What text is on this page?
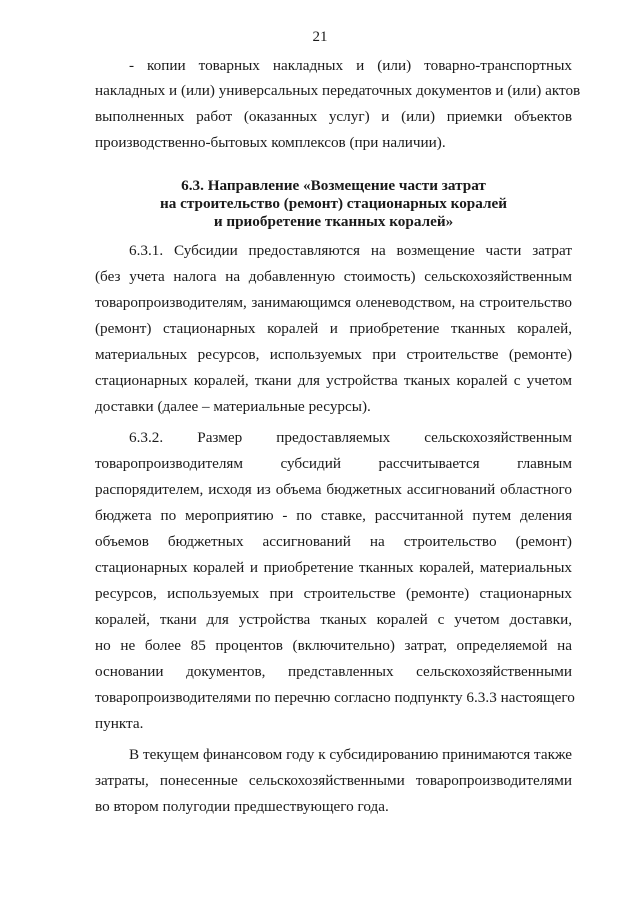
21
- копии товарных накладных и (или) товарно-транспортных
накладных и (или) универсальных передаточных документов и (или) актов
выполненных работ (оказанных услуг) и (или) приемки объектов
производственно-бытовых комплексов (при наличии).
6.3. Направление «Возмещение части затрат
на строительство (ремонт) стационарных коралей
и приобретение тканных коралей»
6.3.1. Субсидии предоставляются на возмещение части затрат
(без учета налога на добавленную стоимость) сельскохозяйственным
товаропроизводителям, занимающимся оленеводством, на строительство
(ремонт) стационарных коралей и приобретение тканных коралей,
материальных ресурсов, используемых при строительстве (ремонте)
стационарных коралей, ткани для устройства тканых коралей с учетом
доставки (далее – материальные ресурсы).
6.3.2. Размер предоставляемых сельскохозяйственным
товаропроизводителям субсидий рассчитывается главным
распорядителем, исходя из объема бюджетных ассигнований областного
бюджета по мероприятию - по ставке, рассчитанной путем деления
объемов бюджетных ассигнований на строительство (ремонт)
стационарных коралей и приобретение тканных коралей, материальных
ресурсов, используемых при строительстве (ремонте) стационарных
коралей, ткани для устройства тканых коралей с учетом доставки,
но не более 85 процентов (включительно) затрат, определяемой на
основании документов, представленных сельскохозяйственными
товаропроизводителями по перечню согласно подпункту 6.3.3 настоящего
пункта.
В текущем финансовом году к субсидированию принимаются также
затраты, понесенные сельскохозяйственными товаропроизводителями
во втором полугодии предшествующего года.
